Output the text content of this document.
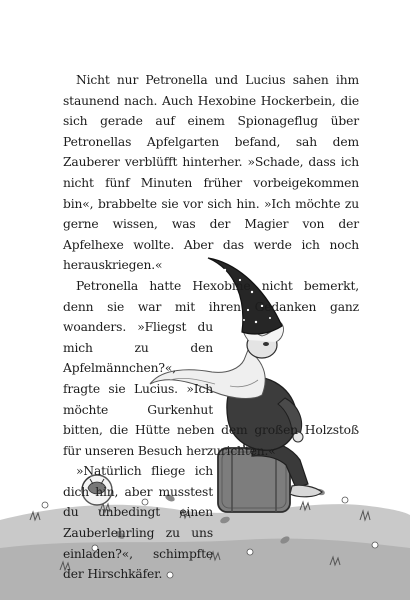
Nicht nur Petronella und Lucius sahen ihm staunend nach. Auch Hexobine Hockerbein, die sich gerade auf einem Spionageflug über Petronellas Apfelgarten befand, sah dem Zauberer verblüfft hinterher. »Schade, dass ich nicht fünf Minuten früher vorbeigekommen bin«, brabbelte sie vor sich hin. »Ich möchte zu gerne wissen, was der Magier von der Apfelhexe wollte. Aber das werde ich noch herauskriegen.«

Petronella hatte Hexobine nicht bemerkt, denn sie war mit ihren Gedanken ganz woanders. »Fliegst du mich zu den Apfelmännchen?«, fragte sie Lucius. »Ich möchte Gurkenhut bitten, die Hütte neben dem großen Holzstoß für unseren Besuch herzurichten.«

»Natürlich fliege ich dich hin, aber musstest du unbedingt einen Zauberlehrling zu uns einladen?«, schimpfte der Hirschkäfer.
